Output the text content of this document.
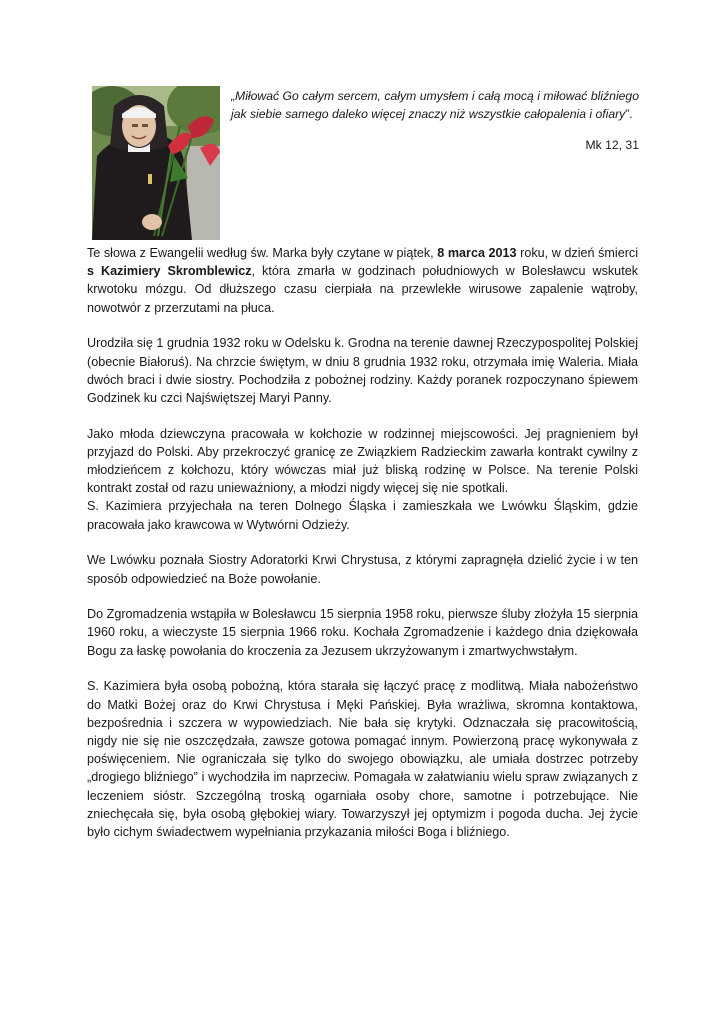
„Miłować Go całym sercem, całym umysłem i całą mocą i miłować bliźniego jak siebie samego daleko więcej znaczy niż wszystkie całopalenia i ofiary”.
Mk 12, 31

Te słowa z Ewangelii według św. Marka były czytane w piątek, 8 marca 2013 roku, w dzień śmierci s Kazimiery Skromblewicz, która zmarła w godzinach południowych w Bolesławcu wskutek krwotoku mózgu. Od dłuższego czasu cierpiała na przewlekłe wirusowe zapalenie wątroby, nowotwór z przerzutami na płuca.

Urodziła się 1 grudnia 1932 roku w Odelsku k. Grodna na terenie dawnej Rzeczypospolitej Polskiej (obecnie Białoruś). Na chrzcie świętym, w dniu 8 grudnia 1932 roku, otrzymała imię Waleria. Miała dwóch braci i dwie siostry. Pochodziła z pobożnej rodziny. Każdy poranek rozpoczynano śpiewem Godzinek ku czci Najświętszej Maryi Panny.

Jako młoda dziewczyna pracowała w kołchozie w rodzinnej miejscowości. Jej pragnieniem był przyjazd do Polski. Aby przekroczyć granicę ze Związkiem Radzieckim zawarła kontrakt cywilny z młodzieńcem z kołchozu, który wówczas miał już bliską rodzinę w Polsce. Na terenie Polski kontrakt został od razu unieważniony, a młodzi nigdy więcej się nie spotkali.

S. Kazimiera przyjechała na teren Dolnego Śląska i zamieszkała we Lwówku Śląskim, gdzie pracowała jako krawcowa w Wytwórni Odzieży.

We Lwówku poznała Siostry Adoratorki Krwi Chrystusa, z którymi zapragnęła dzielić życie i w ten sposób odpowiedzieć na Boże powołanie.

Do Zgromadzenia wstąpiła w Bolesławcu 15 sierpnia 1958 roku, pierwsze śluby złożyła 15 sierpnia 1960 roku, a wieczyste 15 sierpnia 1966 roku. Kochała Zgromadzenie i każdego dnia dziękowała Bogu za łaskę powołania do kroczenia za Jezusem ukrzyżowanym i zmartwychwstałym.

S. Kazimiera była osobą pobożną, która starała się łączyć pracę z modlitwą. Miała nabożeństwo do Matki Bożej oraz do Krwi Chrystusa i Męki Pańskiej. Była wrażliwa, skromna kontaktowa, bezpośrednia i szczera w wypowiedziach. Nie bała się krytyki. Odznaczała się pracowitością, nigdy nie się nie oszczędzała, zawsze gotowa pomagać innym. Powierzoną pracę wykonywała z poświęceniem. Nie ograniczała się tylko do swojego obowiązku, ale umiała dostrzec potrzeby „drogiego bliźniego” i wychodziła im naprzeciw. Pomagała w załatwianiu wielu spraw związanych z leczeniem sióstr. Szczególną troską ogarniała osoby chore, samotne i potrzebujące. Nie zniechęcała się, była osobą głębokiej wiary. Towarzyszył jej optymizm i pogoda ducha. Jej życie było cichym świadectwem wypełniania przykazania miłości Boga i bliźniego.
